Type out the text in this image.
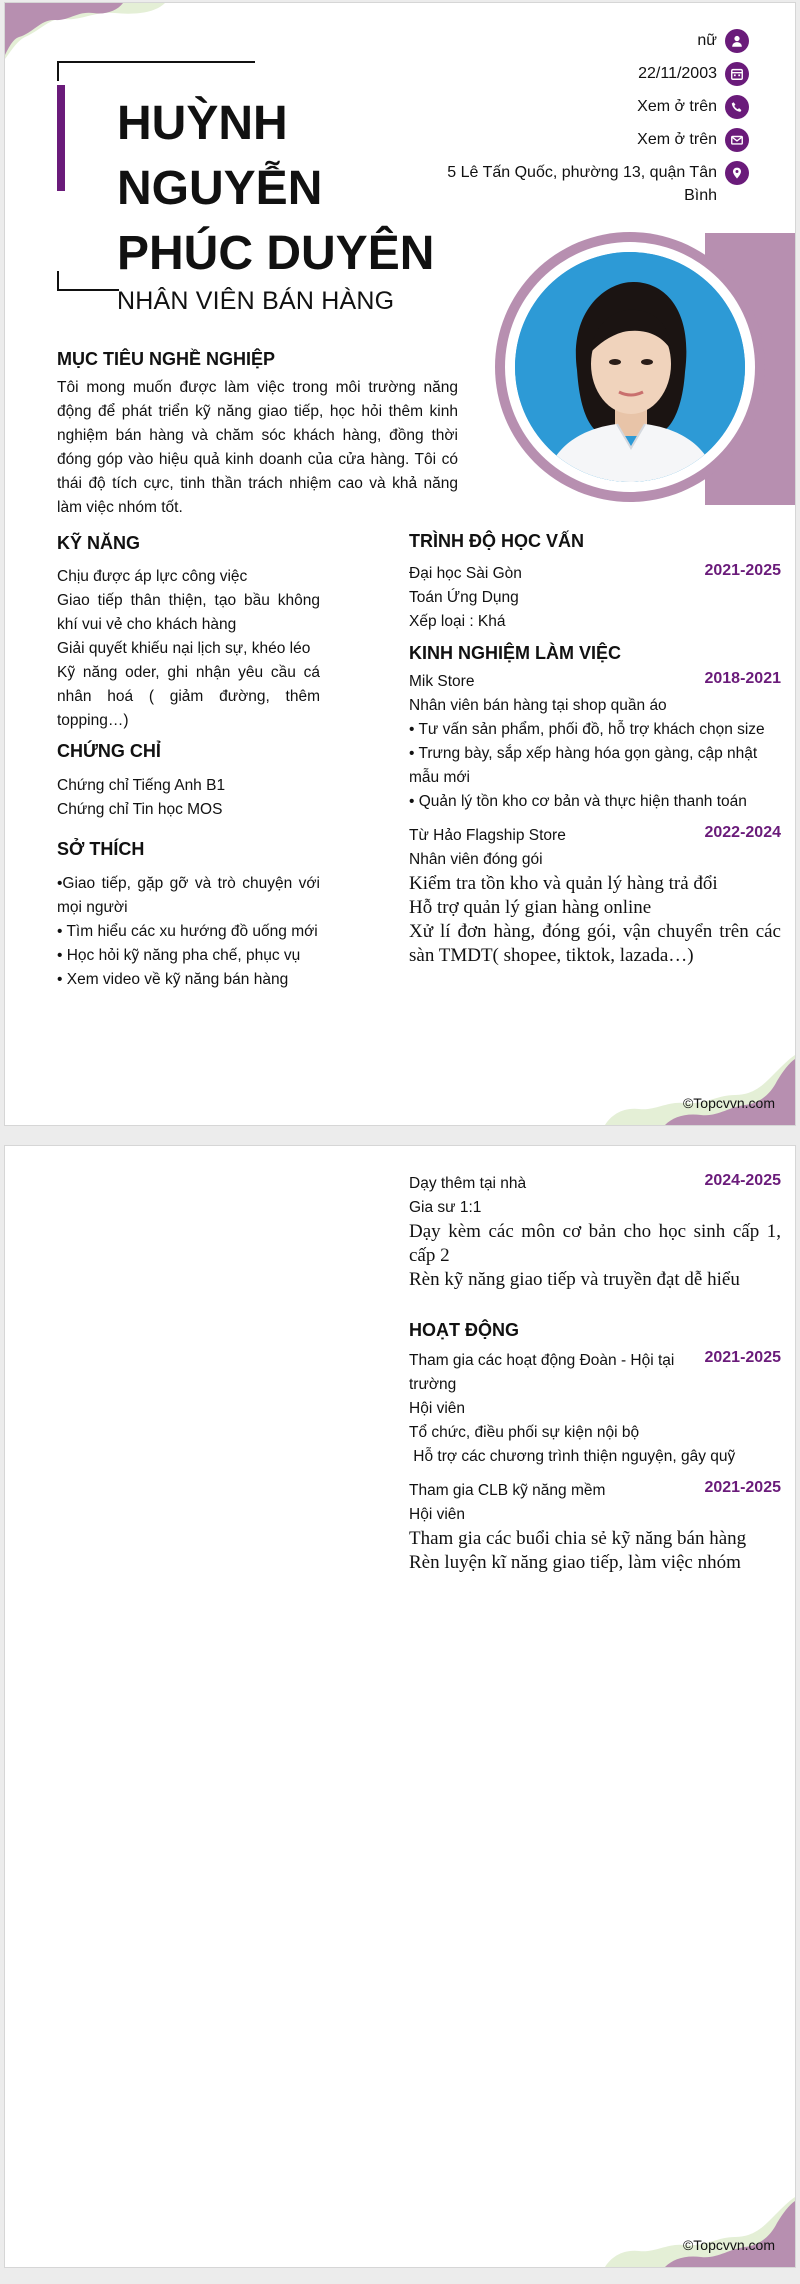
HUỲNH
NGUYỄN
PHÚC DUYÊN
NHÂN VIÊN BÁN HÀNG
nữ
22/11/2003
Xem ở trên
Xem ở trên
5 Lê Tấn Quốc, phường 13, quận Tân Bình
MỤC TIÊU NGHỀ NGHIỆP
Tôi mong muốn được làm việc trong môi trường năng động để phát triển kỹ năng giao tiếp, học hỏi thêm kinh nghiệm bán hàng và chăm sóc khách hàng, đồng thời đóng góp vào hiệu quả kinh doanh của cửa hàng. Tôi có thái độ tích cực, tinh thần trách nhiệm cao và khả năng làm việc nhóm tốt.
KỸ NĂNG
Chịu được áp lực công việc
Giao tiếp thân thiện, tạo bầu không khí vui vẻ cho khách hàng
Giải quyết khiếu nại lịch sự, khéo léo
Kỹ năng oder, ghi nhận yêu cầu cá nhân hoá ( giảm đường, thêm topping…)
CHỨNG CHỈ
Chứng chỉ Tiếng Anh B1
Chứng chỉ Tin học MOS
SỞ THÍCH
•Giao tiếp, gặp gỡ và trò chuyện với mọi người
• Tìm hiểu các xu hướng đồ uống mới
• Học hỏi kỹ năng pha chế, phục vụ
• Xem video về kỹ năng bán hàng
TRÌNH ĐỘ HỌC VẤN
Đại học Sài Gòn	2021-2025
Toán Ứng Dụng
Xếp loại : Khá
KINH NGHIỆM LÀM VIỆC
Mik Store	2018-2021
Nhân viên bán hàng tại shop quần áo
• Tư vấn sản phẩm, phối đồ, hỗ trợ khách chọn size
• Trưng bày, sắp xếp hàng hóa gọn gàng, cập nhật mẫu mới
• Quản lý tồn kho cơ bản và thực hiện thanh toán
Từ Hảo Flagship Store	2022-2024
Nhân viên đóng gói
Kiểm tra tồn kho và quản lý hàng trả đổi
Hỗ trợ quản lý gian hàng online
Xử lí đơn hàng, đóng gói, vận chuyển trên các sàn TMDT( shopee, tiktok, lazada…)
©Topcvvn.com
Dạy thêm tại nhà	2024-2025
Gia sư 1:1
Dạy kèm các môn cơ bản cho học sinh cấp 1, cấp 2
Rèn kỹ năng giao tiếp và truyền đạt dễ hiểu
HOẠT ĐỘNG
Tham gia các hoạt động Đoàn - Hội tại trường
2021-2025
Hội viên
Tổ chức, điều phối sự kiện nội bộ
Hỗ trợ các chương trình thiện nguyện, gây quỹ
Tham gia CLB kỹ năng mềm	2021-2025
Hội viên
Tham gia các buổi chia sẻ kỹ năng bán hàng
Rèn luyện kĩ năng giao tiếp, làm việc nhóm
©Topcvvn.com
